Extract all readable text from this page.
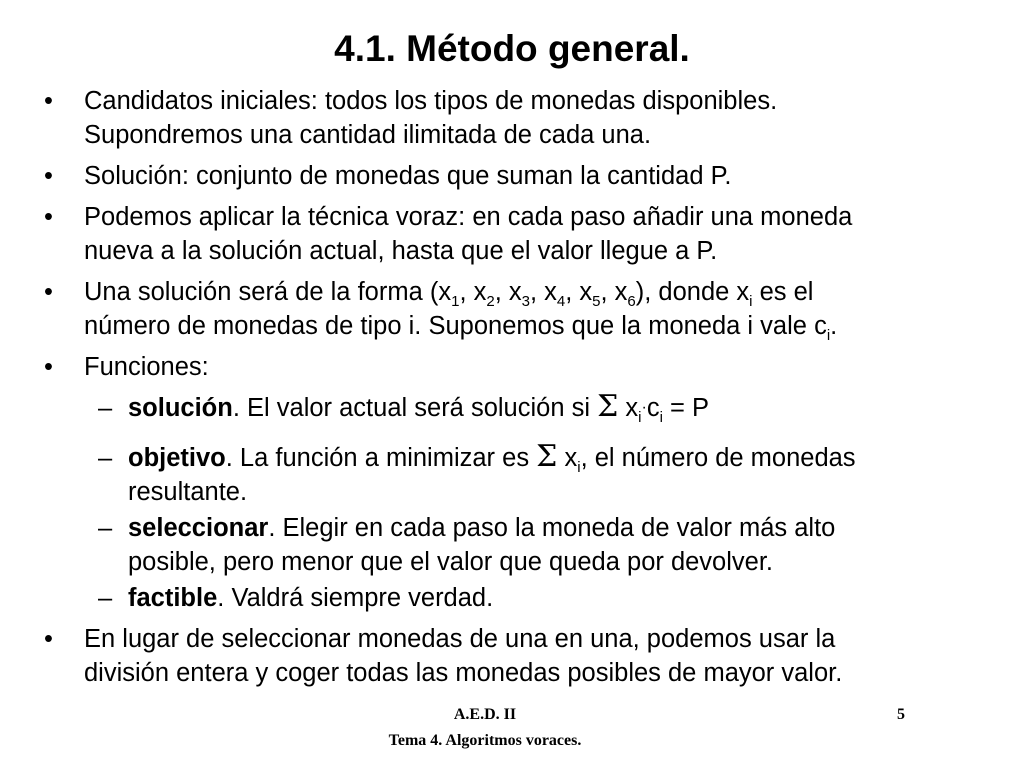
4.1. Método general.
• Candidatos iniciales: todos los tipos de monedas disponibles.
Supondremos una cantidad ilimitada de cada una.
• Solución: conjunto de monedas que suman la cantidad P.
• Podemos aplicar la técnica voraz: en cada paso añadir una moneda
nueva a la solución actual, hasta que el valor llegue a P.
• Una solución será de la forma ($x_1$, $x_2$, $x_3$, $x_4$, $x_5$, $x_6$), donde $x_i$ es el
número de monedas de tipo i. Suponemos que la moneda i vale $c_i$.
• Funciones:
– solución. El valor actual será solución si Σ $x_i\cdot c_i = P$
– objetivo. La función a minimizar es Σ $x_i$, el número de monedas
resultante.
– seleccionar. Elegir en cada paso la moneda de valor más alto
posible, pero menor que el valor que queda por devolver.
– factible. Valdrá siempre verdad.
• En lugar de seleccionar monedas de una en una, podemos usar la
división entera y coger todas las monedas posibles de mayor valor.
A.E.D. II	5
Tema 4. Algoritmos voraces.
